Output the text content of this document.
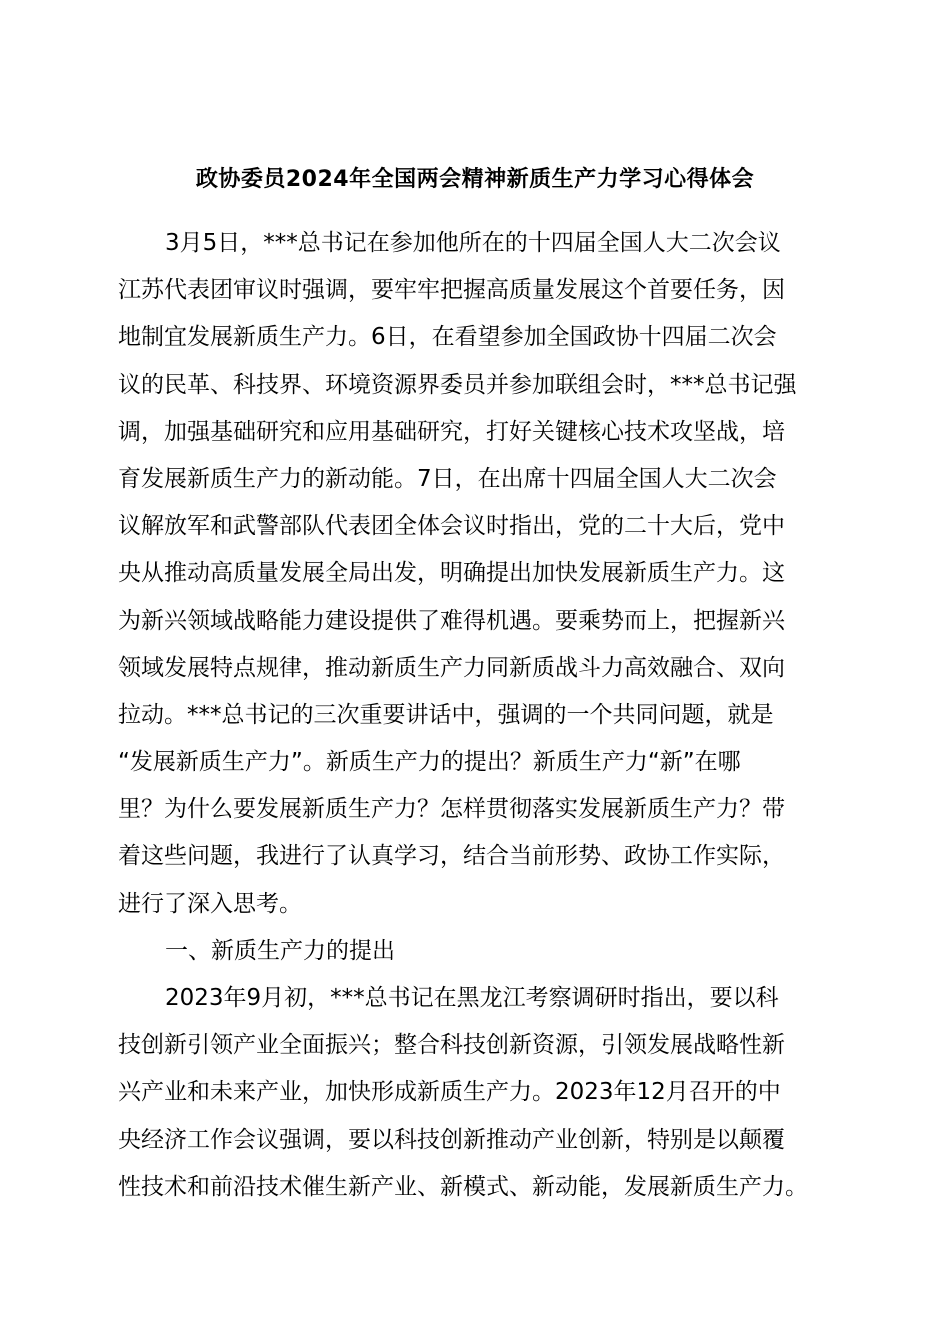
政协委员2024年全国两会精神新质生产力学习心得体会
3月5日，***总书记在参加他所在的十四届全国人大二次会议
江苏代表团审议时强调，要牢牢把握高质量发展这个首要任务，因
地制宜发展新质生产力。6日，在看望参加全国政协十四届二次会
议的民革、科技界、环境资源界委员并参加联组会时，***总书记强
调，加强基础研究和应用基础研究，打好关键核心技术攻坚战，培
育发展新质生产力的新动能。7日，在出席十四届全国人大二次会
议解放军和武警部队代表团全体会议时指出，党的二十大后，党中
央从推动高质量发展全局出发，明确提出加快发展新质生产力。这
为新兴领域战略能力建设提供了难得机遇。要乘势而上，把握新兴
领域发展特点规律，推动新质生产力同新质战斗力高效融合、双向
拉动。***总书记的三次重要讲话中，强调的一个共同问题，就是
“发展新质生产力”。新质生产力的提出？新质生产力“新”在哪
里？为什么要发展新质生产力？怎样贯彻落实发展新质生产力？带
着这些问题，我进行了认真学习，结合当前形势、政协工作实际，
进行了深入思考。
一、新质生产力的提出
2023年9月初，***总书记在黑龙江考察调研时指出，要以科
技创新引领产业全面振兴；整合科技创新资源，引领发展战略性新
兴产业和未来产业，加快形成新质生产力。2023年12月召开的中
央经济工作会议强调，要以科技创新推动产业创新，特别是以颠覆
性技术和前沿技术催生新产业、新模式、新动能，发展新质生产力。
